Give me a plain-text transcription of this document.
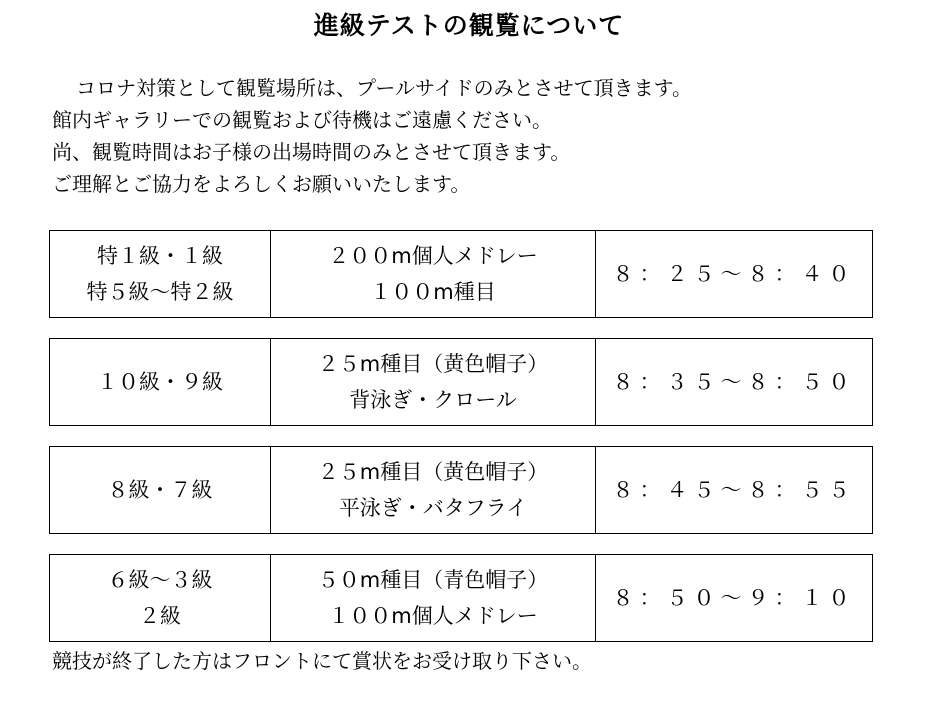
進級テストの観覧について
コロナ対策として観覧場所は、プールサイドのみとさせて頂きます。
館内ギャラリーでの観覧および待機はご遠慮ください。
尚、観覧時間はお子様の出場時間のみとさせて頂きます。
ご理解とご協力をよろしくお願いいたします。
特１級・１級
特５級〜特２級

２００m個人メドレー
１００m種目
	８：２５〜８：４０
１０級・９級

２５m種目（黄色帽子）
背泳ぎ・クロール
	８：３５〜８：５０
８級・７級

２５m種目（黄色帽子）
平泳ぎ・バタフライ
	８：４５〜８：５５
６級〜３級
２級

５０m種目（青色帽子）
１００m個人メドレー
	８：５０〜９：１０
競技が終了した方はフロントにて賞状をお受け取り下さい。
